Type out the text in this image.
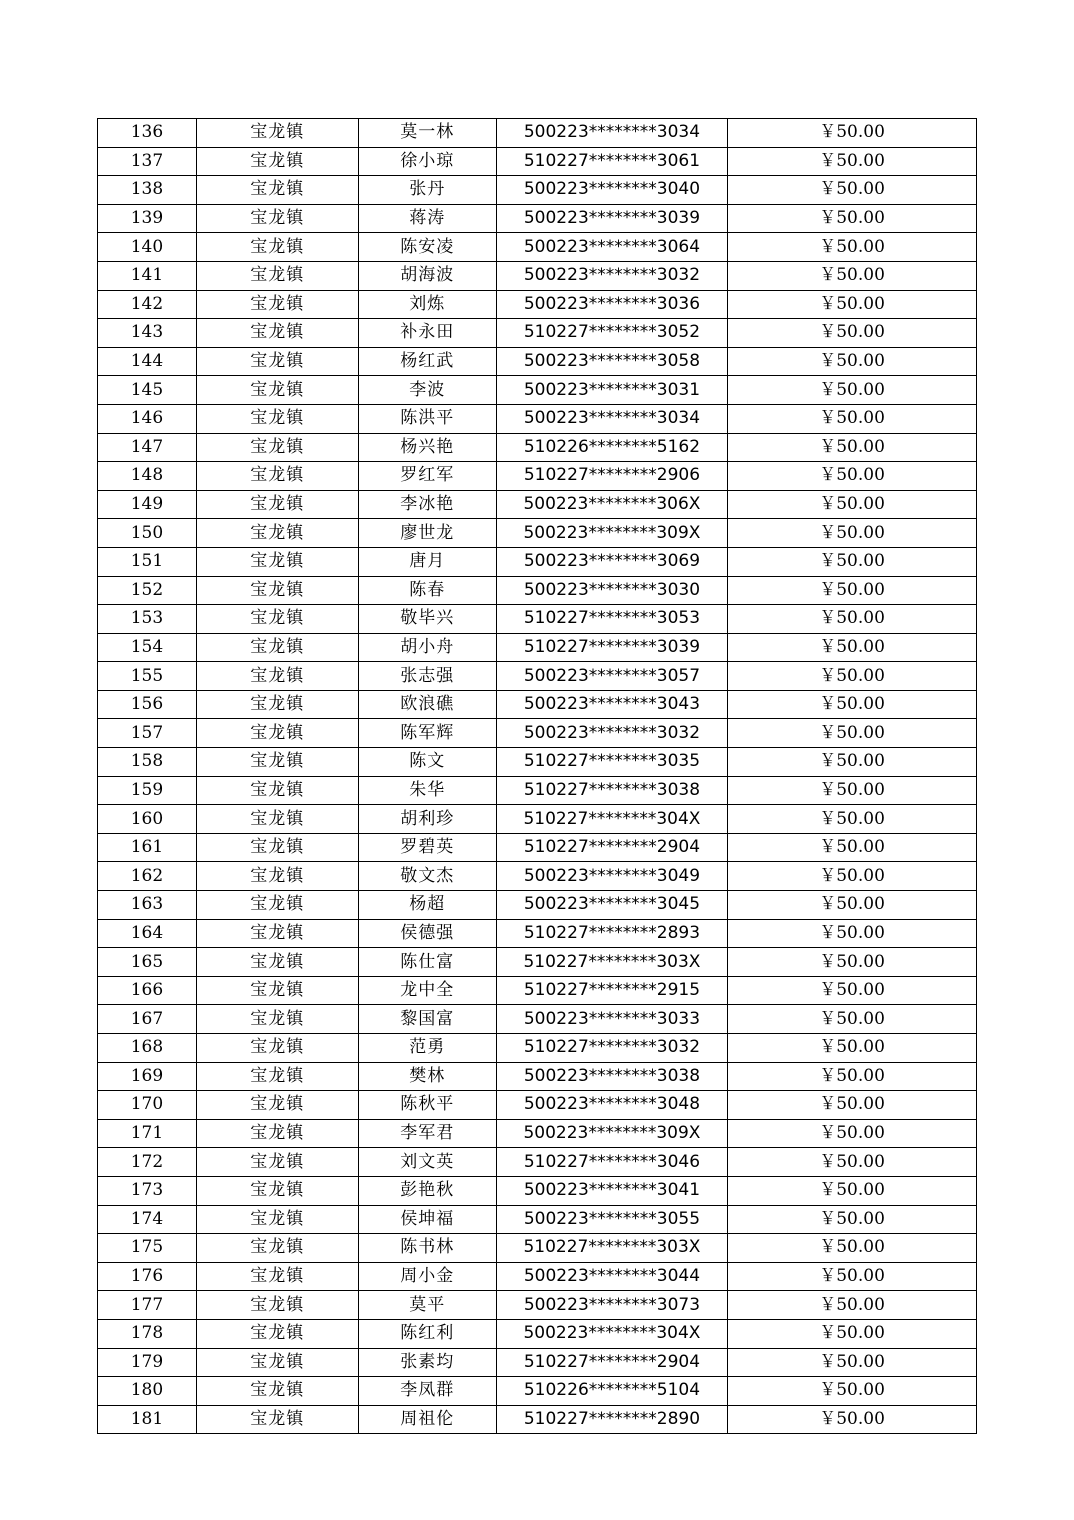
136	宝龙镇	莫一林	500223********3034	￥50.00
137	宝龙镇	徐小琼	510227********3061	￥50.00
138	宝龙镇	张丹	500223********3040	￥50.00
139	宝龙镇	蒋涛	500223********3039	￥50.00
140	宝龙镇	陈安凌	500223********3064	￥50.00
141	宝龙镇	胡海波	500223********3032	￥50.00
142	宝龙镇	刘炼	500223********3036	￥50.00
143	宝龙镇	补永田	510227********3052	￥50.00
144	宝龙镇	杨红武	500223********3058	￥50.00
145	宝龙镇	李波	500223********3031	￥50.00
146	宝龙镇	陈洪平	500223********3034	￥50.00
147	宝龙镇	杨兴艳	510226********5162	￥50.00
148	宝龙镇	罗红军	510227********2906	￥50.00
149	宝龙镇	李冰艳	500223********306X	￥50.00
150	宝龙镇	廖世龙	500223********309X	￥50.00
151	宝龙镇	唐月	500223********3069	￥50.00
152	宝龙镇	陈春	500223********3030	￥50.00
153	宝龙镇	敬毕兴	510227********3053	￥50.00
154	宝龙镇	胡小舟	510227********3039	￥50.00
155	宝龙镇	张志强	500223********3057	￥50.00
156	宝龙镇	欧浪礁	500223********3043	￥50.00
157	宝龙镇	陈军辉	500223********3032	￥50.00
158	宝龙镇	陈文	510227********3035	￥50.00
159	宝龙镇	朱华	510227********3038	￥50.00
160	宝龙镇	胡利珍	510227********304X	￥50.00
161	宝龙镇	罗碧英	510227********2904	￥50.00
162	宝龙镇	敬文杰	500223********3049	￥50.00
163	宝龙镇	杨超	500223********3045	￥50.00
164	宝龙镇	侯德强	510227********2893	￥50.00
165	宝龙镇	陈仕富	510227********303X	￥50.00
166	宝龙镇	龙中全	510227********2915	￥50.00
167	宝龙镇	黎国富	500223********3033	￥50.00
168	宝龙镇	范勇	510227********3032	￥50.00
169	宝龙镇	樊林	500223********3038	￥50.00
170	宝龙镇	陈秋平	500223********3048	￥50.00
171	宝龙镇	李军君	500223********309X	￥50.00
172	宝龙镇	刘文英	510227********3046	￥50.00
173	宝龙镇	彭艳秋	500223********3041	￥50.00
174	宝龙镇	侯坤福	500223********3055	￥50.00
175	宝龙镇	陈书林	510227********303X	￥50.00
176	宝龙镇	周小金	500223********3044	￥50.00
177	宝龙镇	莫平	500223********3073	￥50.00
178	宝龙镇	陈红利	500223********304X	￥50.00
179	宝龙镇	张素均	510227********2904	￥50.00
180	宝龙镇	李凤群	510226********5104	￥50.00
181	宝龙镇	周祖伦	510227********2890	￥50.00
